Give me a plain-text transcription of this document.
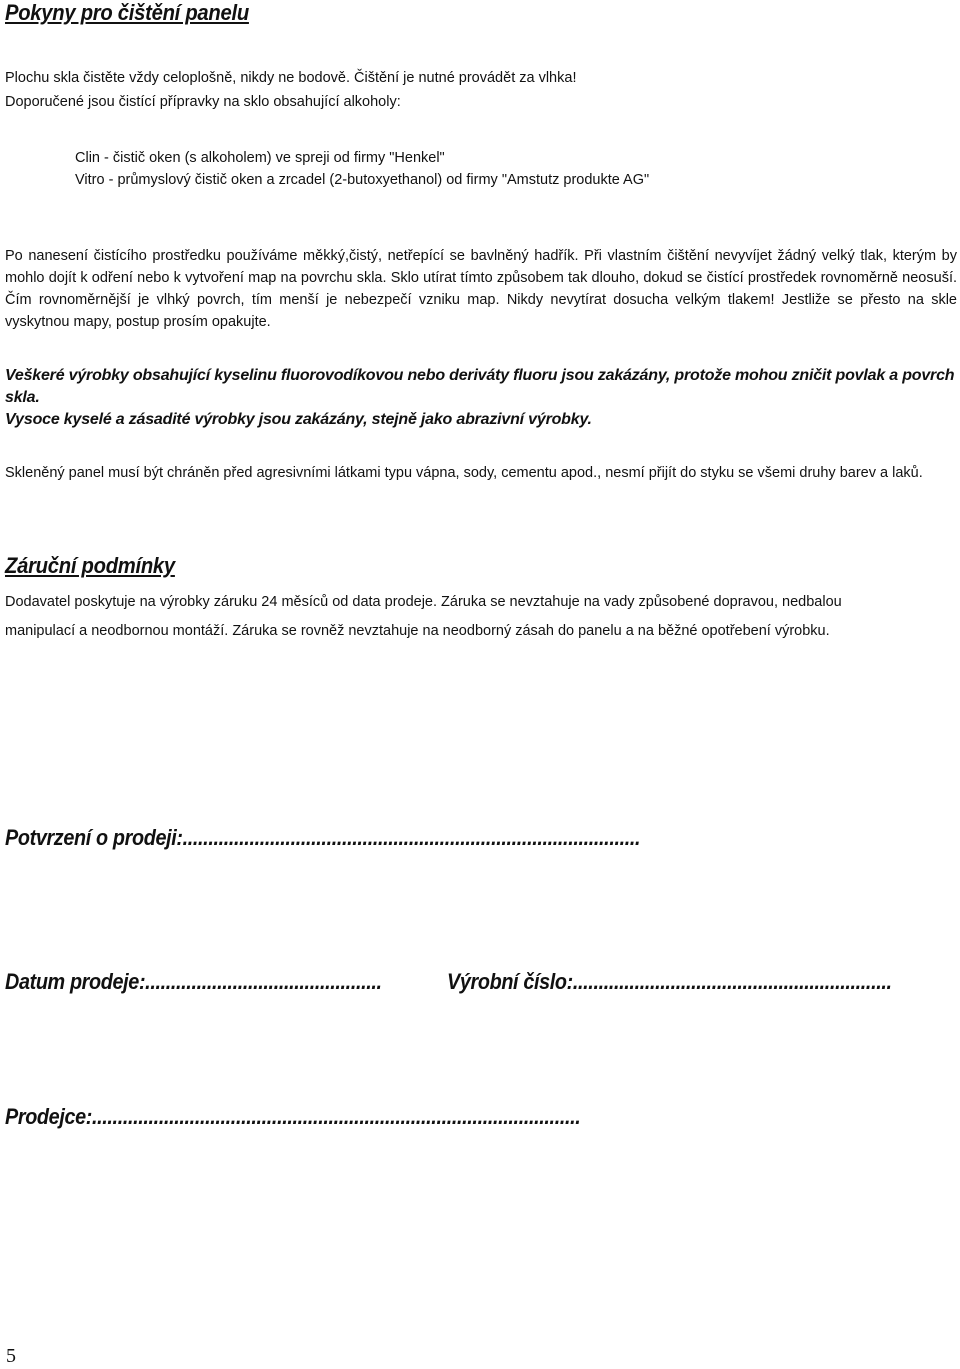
Pokyny pro čištění panelu
Plochu skla čistěte vždy celoplošně, nikdy ne bodově. Čištění je nutné provádět za vlhka!
Doporučené jsou čistící přípravky na sklo obsahující alkoholy:
Clin - čistič oken (s alkoholem) ve spreji od firmy "Henkel"
Vitro - průmyslový čistič oken a zrcadel (2-butoxyethanol) od firmy "Amstutz produkte AG"
Po nanesení čistícího prostředku používáme měkký,čistý, netřepící se bavlněný hadřík. Při vlastním čištění nevyvíjet žádný velký tlak, kterým by mohlo dojít k odření nebo k vytvoření map na povrchu skla. Sklo utírat tímto způsobem tak dlouho, dokud se čistící prostředek rovnoměrně neosuší. Čím rovnoměrnější je vlhký povrch, tím menší je nebezpečí vzniku map. Nikdy nevytírat dosucha velkým tlakem! Jestliže se přesto na skle vyskytnou mapy, postup prosím opakujte.
Veškeré výrobky obsahující kyselinu fluorovodíkovou nebo deriváty fluoru jsou zakázány, protože mohou zničit povlak a povrch skla.
Vysoce kyselé a zásadité výrobky jsou zakázány, stejně jako abrazivní výrobky.
Skleněný panel musí být chráněn před agresivními látkami typu vápna, sody, cementu apod., nesmí přijít do styku se všemi druhy barev a laků.
Záruční podmínky
Dodavatel poskytuje na výrobky záruku 24 měsíců od data prodeje. Záruka se nevztahuje na vady způsobené dopravou, nedbalou
manipulací a neodbornou montáží. Záruka se rovněž nevztahuje na neodborný zásah do panelu a na běžné opotřebení výrobku.
Potvrzení o prodeji:.........................................................................................
Datum prodeje:..............................................	Výrobní číslo:..............................................................
Prodejce:...............................................................................................
5
